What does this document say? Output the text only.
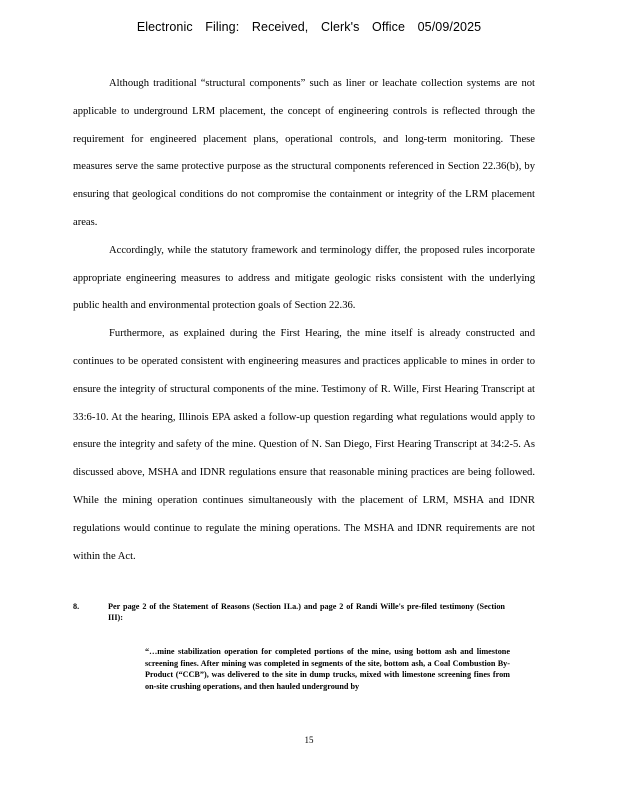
Electronic Filing: Received, Clerk's Office 05/09/2025

Although traditional “structural components” such as liner or leachate collection systems are not applicable to underground LRM placement, the concept of engineering controls is reflected through the requirement for engineered placement plans, operational controls, and long-term monitoring. These measures serve the same protective purpose as the structural components referenced in Section 22.36(b), by ensuring that geological conditions do not compromise the containment or integrity of the LRM placement areas.

Accordingly, while the statutory framework and terminology differ, the proposed rules incorporate appropriate engineering measures to address and mitigate geologic risks consistent with the underlying public health and environmental protection goals of Section 22.36.

Furthermore, as explained during the First Hearing, the mine itself is already constructed and continues to be operated consistent with engineering measures and practices applicable to mines in order to ensure the integrity of structural components of the mine. Testimony of R. Wille, First Hearing Transcript at 33:6-10. At the hearing, Illinois EPA asked a follow-up question regarding what regulations would apply to ensure the integrity and safety of the mine. Question of N. San Diego, First Hearing Transcript at 34:2-5. As discussed above, MSHA and IDNR regulations ensure that reasonable mining practices are being followed. While the mining operation continues simultaneously with the placement of LRM, MSHA and IDNR regulations would continue to regulate the mining operations. The MSHA and IDNR requirements are not within the Act.

8.	Per page 2 of the Statement of Reasons (Section II.a.) and page 2 of Randi Wille's pre-filed testimony (Section III):
“…mine stabilization operation for completed portions of the mine, using bottom ash and limestone screening fines. After mining was completed in segments of the site, bottom ash, a Coal Combustion By-Product (“CCB”), was delivered to the site in dump trucks, mixed with limestone screening fines from on-site crushing operations, and then hauled underground by
15
